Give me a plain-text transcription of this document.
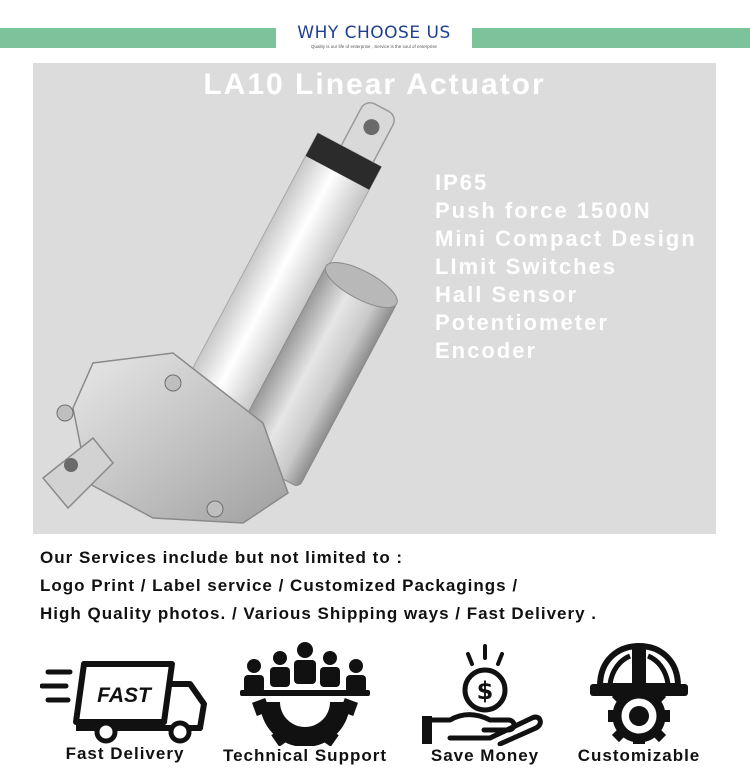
WHY CHOOSE US
Quality is our life of enterprise , Service is the soul of enterprise
LA10 Linear Actuator
IP65
Push force 1500N
Mini Compact Design
LImit Switches
Hall Sensor
Potentiometer
Encoder
Our Services include but not limited to :
Logo Print / Label service / Customized Packagings /
High Quality photos. / Various Shipping ways / Fast Delivery .
FAST
Fast Delivery	Technical Support
$
Save Money	Customizable
